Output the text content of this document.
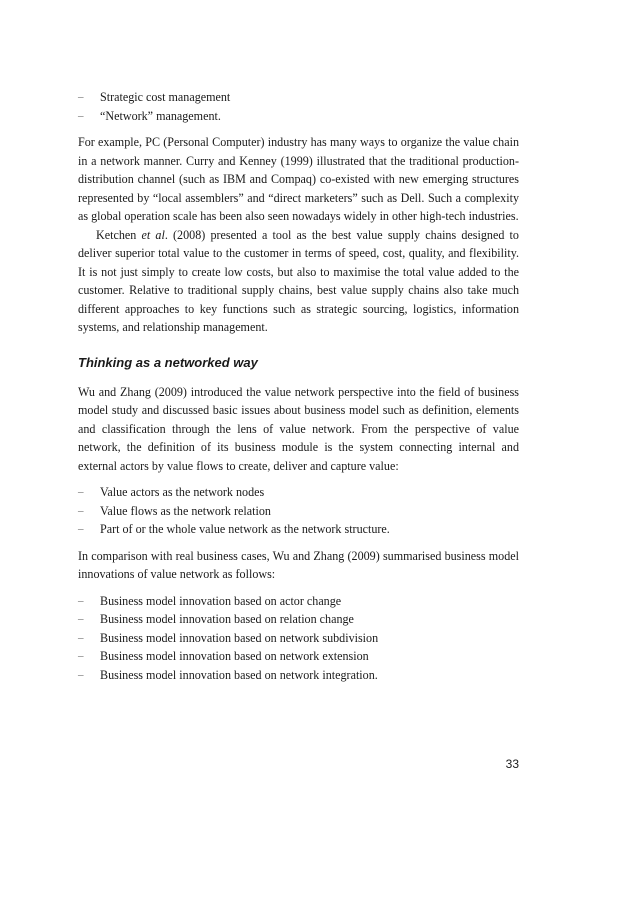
– Strategic cost management
– “Network” management.

For example, PC (Personal Computer) industry has many ways to organize the value chain in a network manner. Curry and Kenney (1999) illustrated that the traditional production-distribution channel (such as IBM and Compaq) co-existed with new emerging structures represented by “local assemblers” and “direct marketers” such as Dell. Such a complexity as global operation scale has been also seen nowadays widely in other high-tech industries.

Ketchen et al. (2008) presented a tool as the best value supply chains designed to deliver superior total value to the customer in terms of speed, cost, quality, and flexibility. It is not just simply to create low costs, but also to maximise the total value added to the customer. Relative to traditional supply chains, best value supply chains also take much different approaches to key functions such as strategic sourcing, logistics, information systems, and relationship management.

Thinking as a networked way

Wu and Zhang (2009) introduced the value network perspective into the field of business model study and discussed basic issues about business model such as definition, elements and classification through the lens of value network. From the perspective of value network, the definition of its business module is the system connecting internal and external actors by value flows to create, deliver and capture value:

– Value actors as the network nodes
– Value flows as the network relation
– Part of or the whole value network as the network structure.

In comparison with real business cases, Wu and Zhang (2009) summarised business model innovations of value network as follows:

– Business model innovation based on actor change
– Business model innovation based on relation change
– Business model innovation based on network subdivision
– Business model innovation based on network extension
– Business model innovation based on network integration.
33
